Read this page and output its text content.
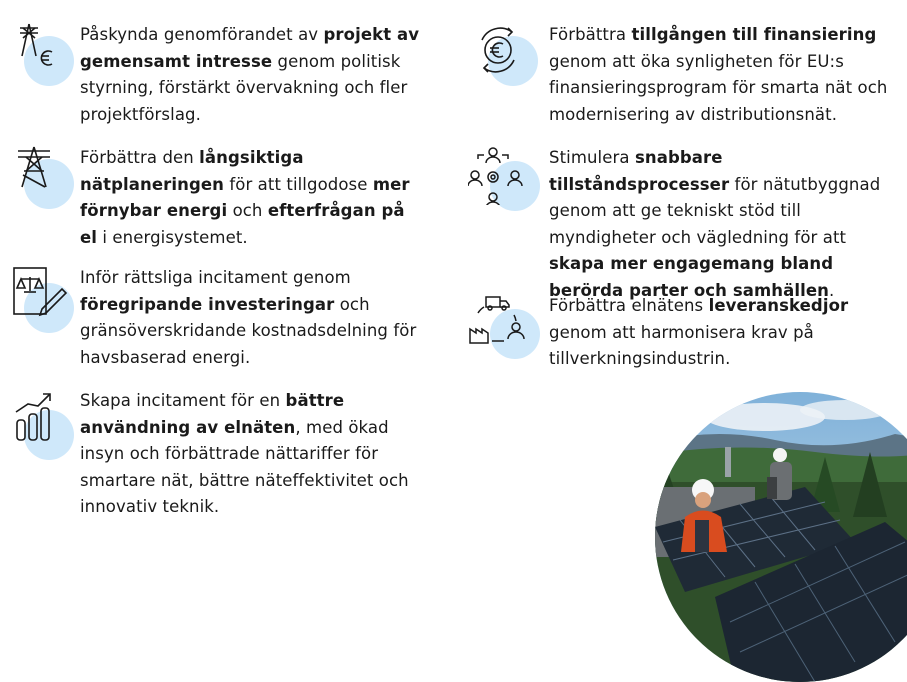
Påskynda genomförandet av projekt av gemensamt intresse genom politisk styrning, förstärkt övervakning och fler projektförslag.

Förbättra den långsiktiga nätplaneringen för att tillgodose mer förnybar energi och efterfrågan på el i energisystemet.

Inför rättsliga incitament genom föregripande investeringar och gränsöverskridande kostnadsdelning för havsbaserad energi.

Skapa incitament för en bättre användning av elnäten, med ökad insyn och förbättrade nättariffer för smartare nät, bättre näteffektivitet och innovativ teknik.

Förbättra tillgången till finansiering genom att öka synligheten för EU:s finansieringsprogram för smarta nät och modernisering av distributionsnät.

Stimulera snabbare tillståndsprocesser för nätutbyggnad genom att ge tekniskt stöd till myndigheter och vägledning för att skapa mer engagemang bland berörda parter och samhällen.

Förbättra elnätens leveranskedjor genom att harmonisera krav på tillverkningsindustrin.
